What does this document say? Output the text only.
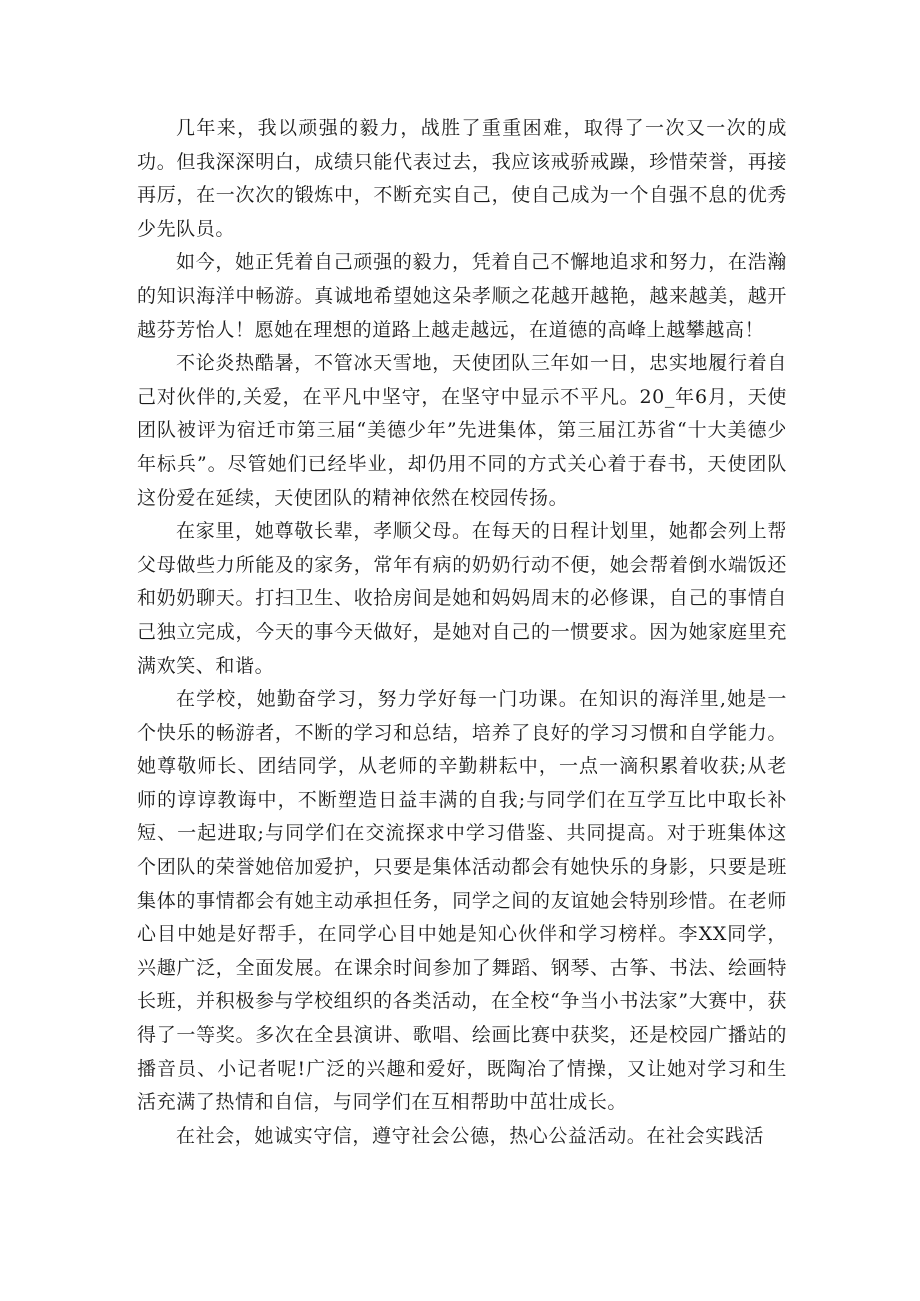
几年来，我以顽强的毅力，战胜了重重困难，取得了一次又一次的成功。但我深深明白，成绩只能代表过去，我应该戒骄戒躁，珍惜荣誉，再接再厉，在一次次的锻炼中，不断充实自己，使自己成为一个自强不息的优秀少先队员。

如今，她正凭着自己顽强的毅力，凭着自己不懈地追求和努力，在浩瀚的知识海洋中畅游。真诚地希望她这朵孝顺之花越开越艳，越来越美，越开越芬芳怡人！愿她在理想的道路上越走越远，在道德的高峰上越攀越高！

不论炎热酷暑，不管冰天雪地，天使团队三年如一日，忠实地履行着自己对伙伴的,关爱，在平凡中坚守，在坚守中显示不平凡。20_年6月，天使团队被评为宿迁市第三届“美德少年”先进集体，第三届江苏省“十大美德少年标兵”。尽管她们已经毕业，却仍用不同的方式关心着于春书，天使团队这份爱在延续，天使团队的精神依然在校园传扬。

在家里，她尊敬长辈，孝顺父母。在每天的日程计划里，她都会列上帮父母做些力所能及的家务，常年有病的奶奶行动不便，她会帮着倒水端饭还和奶奶聊天。打扫卫生、收拾房间是她和妈妈周末的必修课，自己的事情自己独立完成，今天的事今天做好，是她对自己的一惯要求。因为她家庭里充满欢笑、和谐。

在学校，她勤奋学习，努力学好每一门功课。在知识的海洋里,她是一个快乐的畅游者，不断的学习和总结，培养了良好的学习习惯和自学能力。她尊敬师长、团结同学，从老师的辛勤耕耘中，一点一滴积累着收获;从老师的谆谆教诲中，不断塑造日益丰满的自我;与同学们在互学互比中取长补短、一起进取;与同学们在交流探求中学习借鉴、共同提高。对于班集体这个团队的荣誉她倍加爱护，只要是集体活动都会有她快乐的身影，只要是班集体的事情都会有她主动承担任务，同学之间的友谊她会特别珍惜。在老师心目中她是好帮手，在同学心目中她是知心伙伴和学习榜样。李XX同学，兴趣广泛，全面发展。在课余时间参加了舞蹈、钢琴、古筝、书法、绘画特长班，并积极参与学校组织的各类活动，在全校“争当小书法家”大赛中，获得了一等奖。多次在全县演讲、歌唱、绘画比赛中获奖，还是校园广播站的播音员、小记者呢!广泛的兴趣和爱好，既陶冶了情操，又让她对学习和生活充满了热情和自信，与同学们在互相帮助中茁壮成长。

在社会，她诚实守信，遵守社会公德，热心公益活动。在社会实践活
